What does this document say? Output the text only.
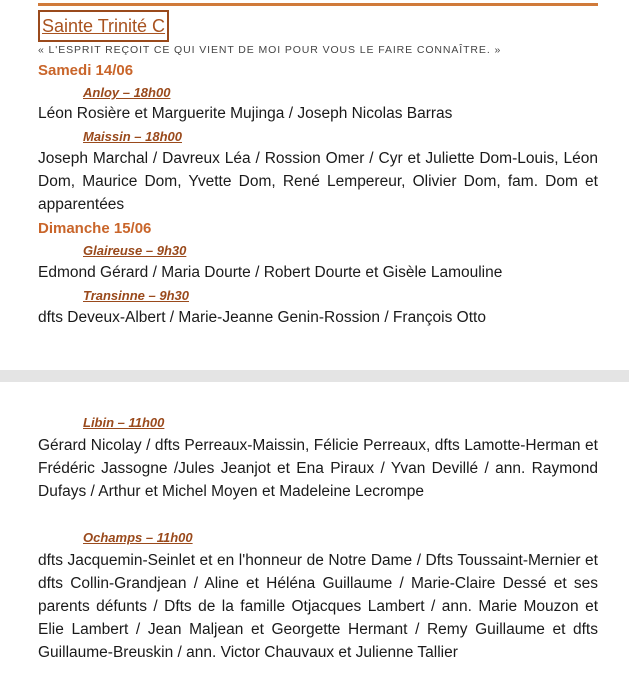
Sainte Trinité C
« L'ESPRIT REÇOIT CE QUI VIENT DE MOI POUR VOUS LE FAIRE CONNAÎTRE. »
Samedi 14/06
Anloy – 18h00
Léon Rosière et Marguerite Mujinga / Joseph Nicolas Barras
Maissin – 18h00
Joseph Marchal / Davreux Léa / Rossion Omer / Cyr et Juliette Dom-Louis, Léon Dom, Maurice Dom, Yvette Dom, René Lempereur, Olivier Dom, fam. Dom et apparentées
Dimanche 15/06
Glaireuse – 9h30
Edmond Gérard / Maria Dourte / Robert Dourte et Gisèle Lamouline
Transinne – 9h30
dfts Deveux-Albert / Marie-Jeanne Genin-Rossion / François Otto
Libin – 11h00
Gérard Nicolay / dfts Perreaux-Maissin, Félicie Perreaux, dfts Lamotte-Herman et Frédéric Jassogne /Jules Jeanjot et Ena Piraux / Yvan Devillé / ann. Raymond Dufays / Arthur et Michel Moyen et Madeleine Lecrompe
Ochamps – 11h00
dfts Jacquemin-Seinlet et en l'honneur de Notre Dame / Dfts Toussaint-Mernier et dfts Collin-Grandjean / Aline et Héléna Guillaume / Marie-Claire Dessé et ses parents défunts / Dfts de la famille Otjacques Lambert / ann. Marie Mouzon et Elie Lambert / Jean Maljean et Georgette Hermant / Remy Guillaume et dfts Guillaume-Breuskin / ann. Victor Chauvaux et Julienne Tallier
